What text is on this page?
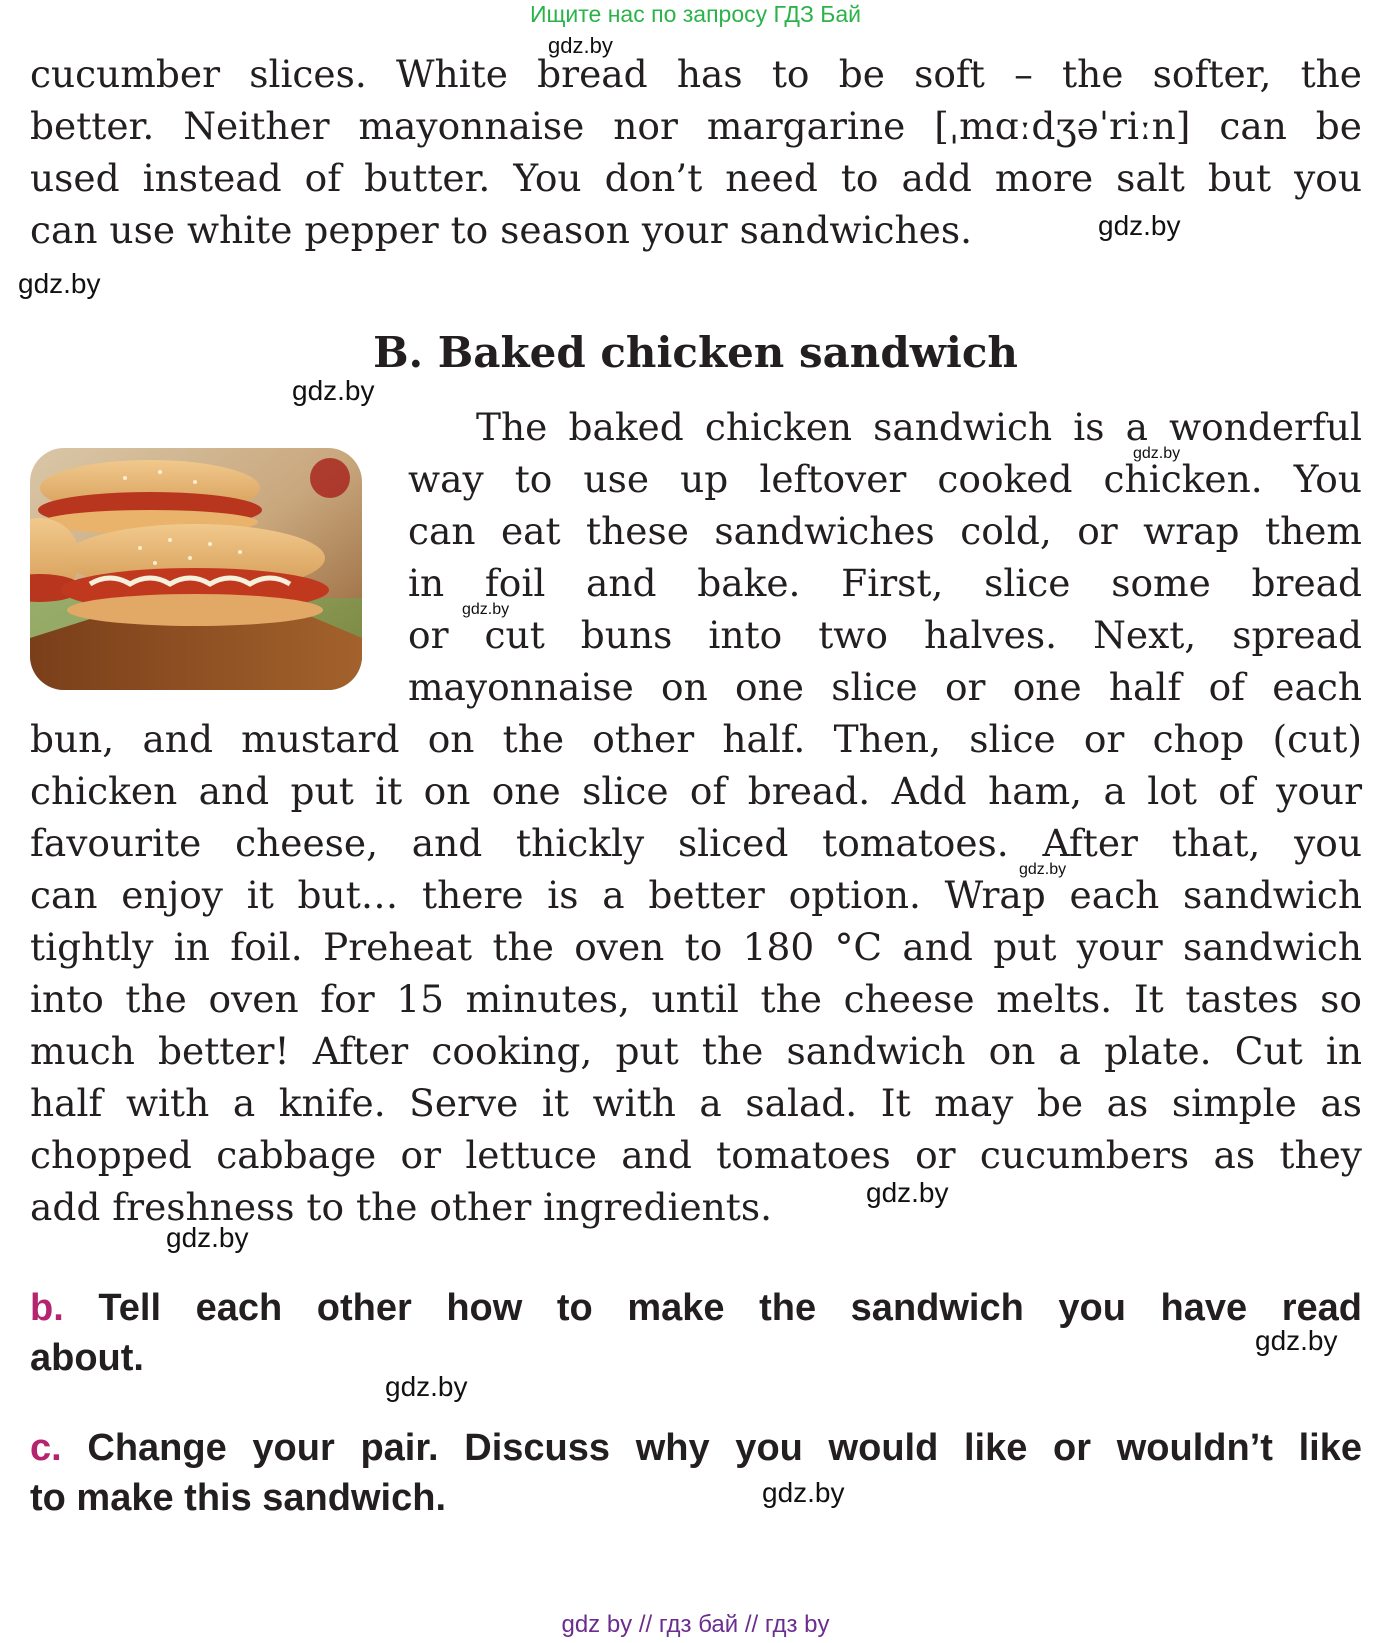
Ищите нас по запросу ГДЗ Бай
cucumber slices. White bread has to be soft – the softer, the
better. Neither mayonnaise nor margarine [ˌmɑːdʒəˈriːn] can be
used instead of butter. You don’t need to add more salt but you
can use white pepper to season your sandwiches.
B. Baked chicken sandwich
The baked chicken sandwich is a wonderful
way to use up leftover cooked chicken. You
can eat these sandwiches cold, or wrap them
in foil and bake. First, slice some bread
or cut buns into two halves. Next, spread
mayonnaise on one slice or one half of each
bun, and mustard on the other half. Then, slice or chop (cut)
chicken and put it on one slice of bread. Add ham, a lot of your
favourite cheese, and thickly sliced tomatoes. After that, you
can enjoy it but… there is a better option. Wrap each sandwich
tightly in foil. Preheat the oven to 180 °C and put your sandwich
into the oven for 15 minutes, until the cheese melts. It tastes so
much better! After cooking, put the sandwich on a plate. Cut in
half with a knife. Serve it with a salad. It may be as simple as
chopped cabbage or lettuce and tomatoes or cucumbers as they
add freshness to the other ingredients.
b. Tell each other how to make the sandwich you have read
about.
c. Change your pair. Discuss why you would like or wouldn’t like
to make this sandwich.
gdz.by
gdz.by
gdz.by
gdz.by
gdz.by
gdz.by
gdz.by
gdz.by
gdz.by
gdz.by
gdz.by
gdz.by
gdz by // гдз бай // гдз by
